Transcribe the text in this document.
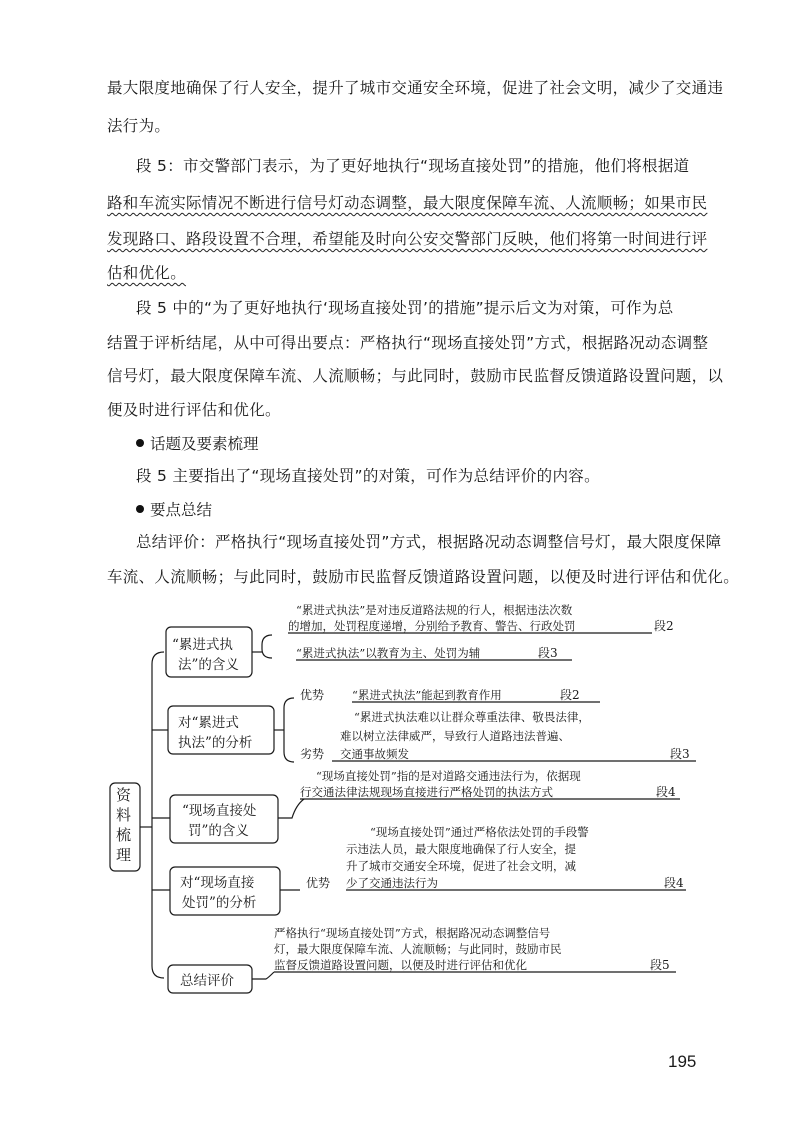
最大限度地确保了行人安全，提升了城市交通安全环境，促进了社会文明，减少了交通违
法行为。
段 5：市交警部门表示，为了更好地执行“现场直接处罚”的措施，他们将根据道
路和车流实际情况不断进行信号灯动态调整，最大限度保障车流、人流顺畅；如果市民
发现路口、路段设置不合理，希望能及时向公安交警部门反映，他们将第一时间进行评
估和优化。
段 5 中的“为了更好地执行‘现场直接处罚’的措施”提示后文为对策，可作为总
结置于评析结尾，从中可得出要点：严格执行“现场直接处罚”方式，根据路况动态调整
信号灯，最大限度保障车流、人流顺畅；与此同时，鼓励市民监督反馈道路设置问题，以
便及时进行评估和优化。
话题及要素梳理
段 5 主要指出了“现场直接处罚”的对策，可作为总结评价的内容。
要点总结
总结评价：严格执行“现场直接处罚”方式，根据路况动态调整信号灯，最大限度保障
车流、人流顺畅；与此同时，鼓励市民监督反馈道路设置问题，以便及时进行评估和优化。
资
料
梳
理
“累进式执
法”的含义
“累进式执法”是对违反道路法规的行人，根据违法次数
的增加，处罚程度递增，分别给予教育、警告、行政处罚	段2
“累进式执法”以教育为主、处罚为辅	段3
对“累进式
执法”的分析
优势 “累进式执法”能起到教育作用	段2
“累进式执法难以让群众尊重法律、敬畏法律，
难以树立法律威严，导致行人道路违法普遍、
劣势 交通事故频发	段3
“现场直接处
罚”的含义
“现场直接处罚”指的是对道路交通违法行为，依据现
行交通法律法规现场直接进行严格处罚的执法方式	段4
对“现场直接
处罚”的分析
“现场直接处罚”通过严格依法处罚的手段警
示违法人员，最大限度地确保了行人安全，提
升了城市交通安全环境，促进了社会文明，减
优势 少了交通违法行为	段4
总结评价
严格执行“现场直接处罚”方式，根据路况动态调整信号
灯，最大限度保障车流、人流顺畅；与此同时，鼓励市民
监督反馈道路设置问题，以便及时进行评估和优化	段5
195
